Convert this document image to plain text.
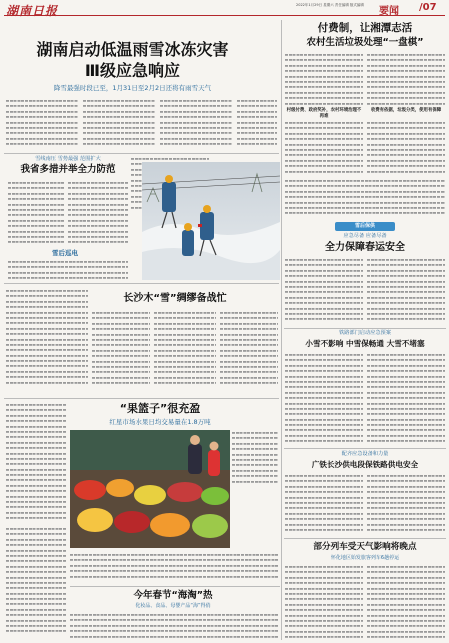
湖南日报	2022年1月29日 星期六 责任编辑 版式编辑
要闻 /07
湖南启动低温雨雪冰冻灾害
Ⅲ级应急响应
降雪最强时段已至，1月31日至2月2日还将有雨雪天气
雪线南压 雪势最强 范围扩大
我省多措并举全力防范
雪后巡电
长沙木“雪”绸缪备战忙
“果篮子”很充盈
红星市场水果日均交易量在1.8万吨
今年春节“海淘”热
化妆品、食品、母婴产品“海”得俏
付费制，让湘潭志活
农村生活垃圾处理“一盘棋”
村级付费、政府奖补，农村环境治理不再难
收费有依据，垃圾分类，使用有保障
雪后保供
应急尽备 应备尽备
全力保障春运安全
铁路部门启动应急预案
小雪不影响 中雪保畅通 大雪不堵塞
配齐应急设备和力量
广铁长沙供电段保铁路供电安全
部分列车受天气影响将晚点
怀化地区始发旅客列车6趟停运
